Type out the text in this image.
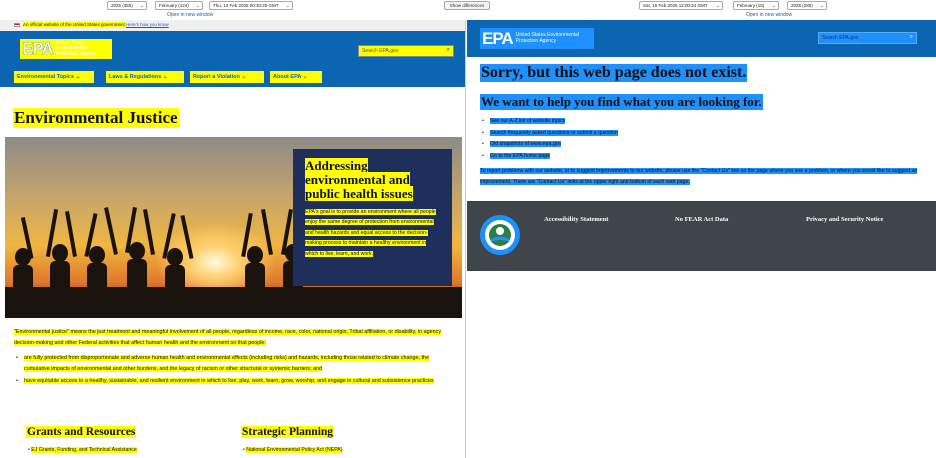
2025 (350) ⌄	February (124) ⌄	Thu, 13 Feb 2025 00:30:25 GMT ⌄	Show differences	Sat, 15 Feb 2025 12:00:24 GMT ⌄	February (15) ⌄	2025 (280) ⌄
Open in new window	Open in new window
An official website of the United States government Here's how you know
EPA United States Environmental Protection Agency	Search EPA.gov	⌕
Environmental Topics ⌄	Laws & Regulations ⌄	Report a Violation ⌄	About EPA ⌄
Environmental Justice
Addressing environmental and public health issues
EPA's goal is to provide an environment where all people enjoy the same degree of protection from environmental and health hazards and equal access to the decision-making process to maintain a healthy environment in which to live, learn, and work.
"Environmental justice" means the just treatment and meaningful involvement of all people, regardless of income, race, color, national origin, Tribal affiliation, or disability, in agency decision-making and other Federal activities that affect human health and the environment so that people:
• are fully protected from disproportionate and adverse human health and environmental effects (including risks) and hazards, including those related to climate change, the cumulative impacts of environmental and other burdens, and the legacy of racism or other structural or systemic barriers; and
• have equitable access to a healthy, sustainable, and resilient environment in which to live, play, work, learn, grow, worship, and engage in cultural and subsistence practices
Grants and Resources
• EJ Grants, Funding, and Technical Assistance
Strategic Planning
• National Environmental Policy Act (NEPA)
EPA United States Environmental Protection Agency	Search EPA.gov	⌕
Sorry, but this web page does not exist.
We want to help you find what you are looking for.
• See our A-Z list of website topics
• Search frequently asked questions or submit a question
• Old snapshots of www.epa.gov
• Go to the EPA home page
To report problems with our website, or to suggest improvements to our website, please use the "Contact Us" link on the page where you see a problem, or where you would like to suggest an improvement. There are "Contact Us" links at the upper right and bottom of each web page.
Accessibility Statement	No FEAR Act Data	Privacy and Security Notice
